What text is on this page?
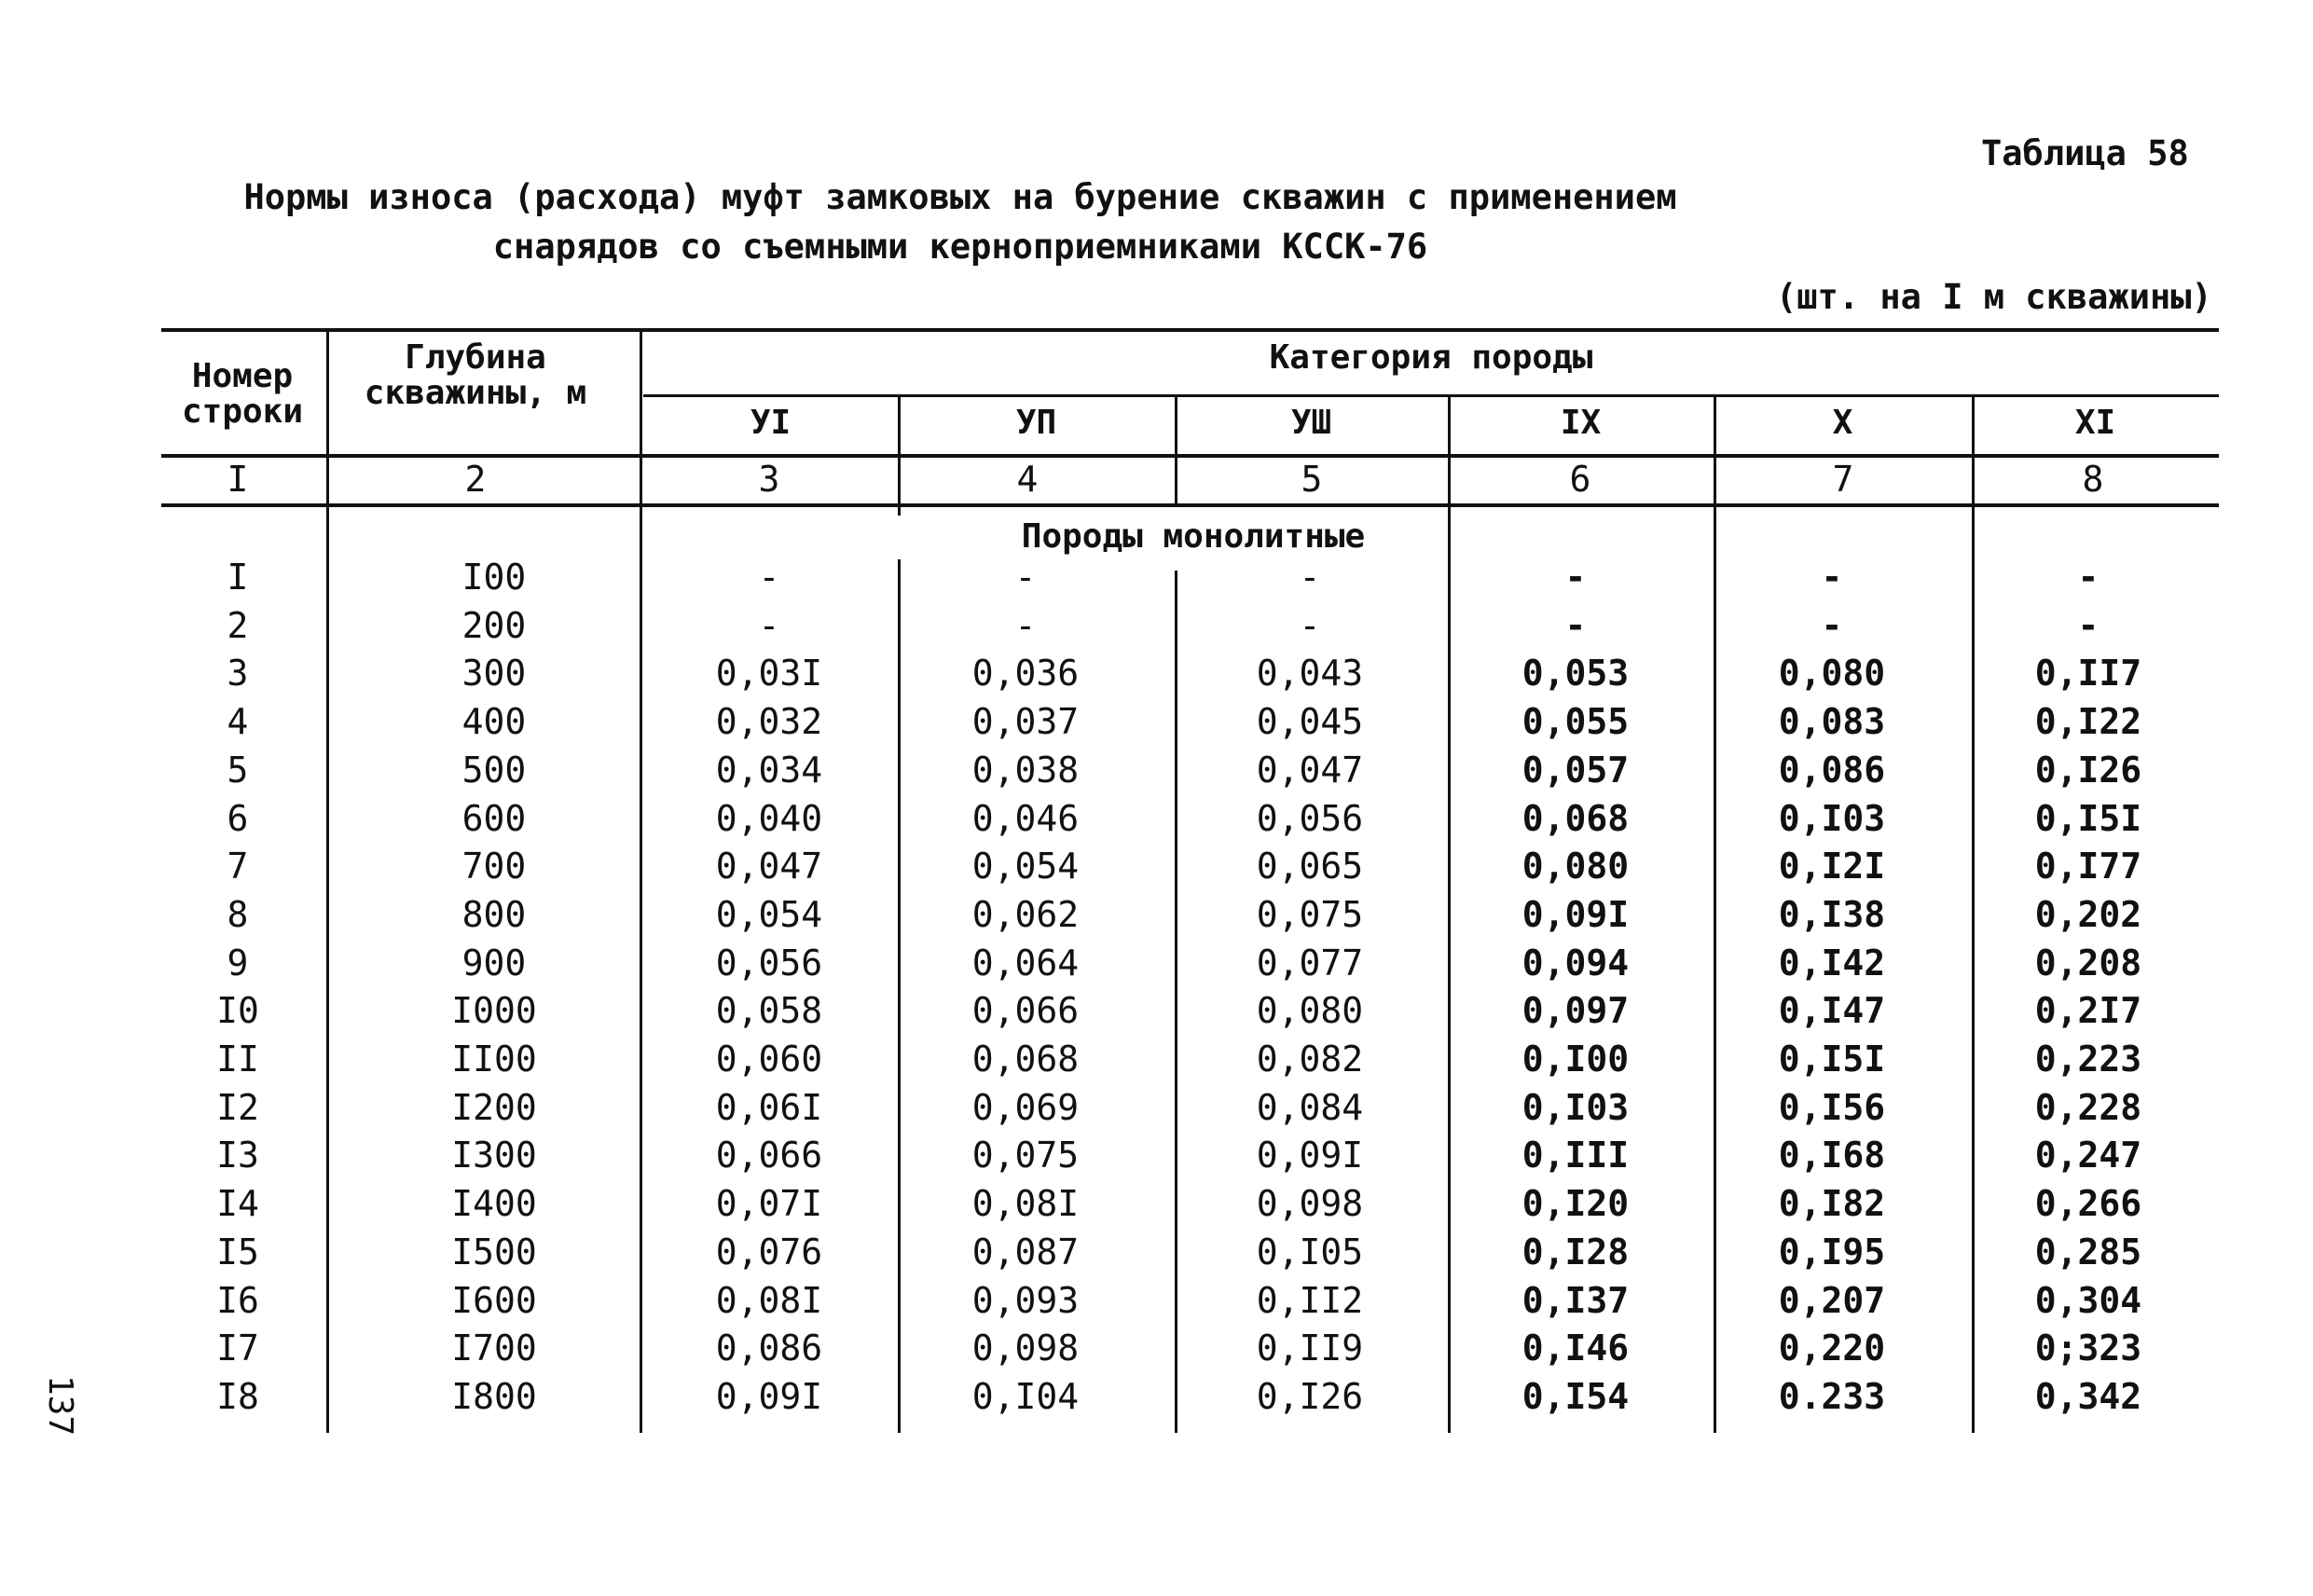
Таблица 58
Нормы износа (расхода) муфт замковых на бурение скважин с применением
снарядов со съемными керноприемниками КССК-76
(шт. на I м скважины)
137
Номер строки
Глубина скважины, м
Категория породы
УI	УП	УШ	IX	X	XI
I	2	3	4	5	6	7	8
Породы монолитные
I	I00	-	-	-	-	-	-
2	200	-	-	-	-	-	-
3	300	0,03I	0,036	0,043	0,053	0,080	0,II7
4	400	0,032	0,037	0,045	0,055	0,083	0,I22
5	500	0,034	0,038	0,047	0,057	0,086	0,I26
6	600	0,040	0,046	0,056	0,068	0,I03	0,I5I
7	700	0,047	0,054	0,065	0,080	0,I2I	0,I77
8	800	0,054	0,062	0,075	0,09I	0,I38	0,202
9	900	0,056	0,064	0,077	0,094	0,I42	0,208
I0	I000	0,058	0,066	0,080	0,097	0,I47	0,2I7
II	II00	0,060	0,068	0,082	0,I00	0,I5I	0,223
I2	I200	0,06I	0,069	0,084	0,I03	0,I56	0,228
I3	I300	0,066	0,075	0,09I	0,III	0,I68	0,247
I4	I400	0,07I	0,08I	0,098	0,I20	0,I82	0,266
I5	I500	0,076	0,087	0,I05	0,I28	0,I95	0,285
I6	I600	0,08I	0,093	0,II2	0,I37	0,207	0,304
I7	I700	0,086	0,098	0,II9	0,I46	0,220	0;323
I8	I800	0,09I	0,I04	0,I26	0,I54	0.233	0,342
